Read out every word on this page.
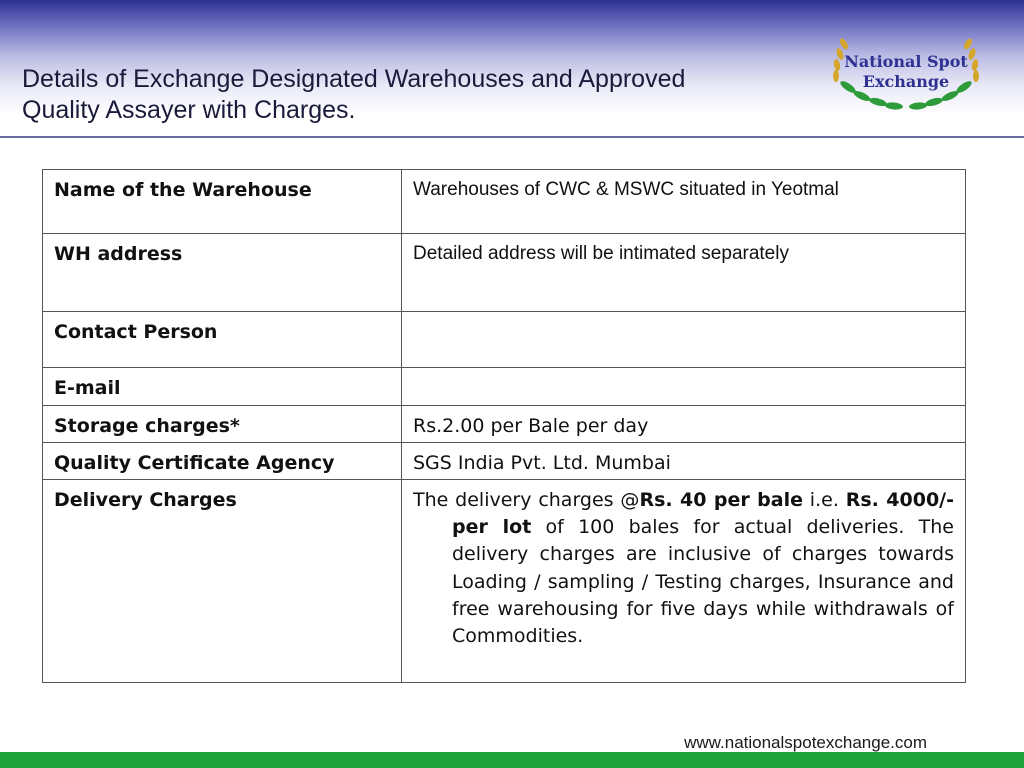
Details of Exchange Designated Warehouses and Approved
Quality Assayer with Charges.
National Spot
Exchange
Name of the Warehouse	Warehouses of CWC & MSWC situated in Yeotmal
WH address	Detailed address will be intimated separately
Contact Person	
E-mail	
Storage charges*	Rs.2.00 per Bale per day
Quality Certificate Agency	SGS India Pvt. Ltd. Mumbai
Delivery Charges	The delivery charges @Rs. 40 per bale i.e. Rs. 4000/- per lot of 100 bales for actual deliveries. The delivery charges are inclusive of charges towards Loading / sampling / Testing charges, Insurance and free warehousing for five days while withdrawals of Commodities.
www.nationalspotexchange.com
